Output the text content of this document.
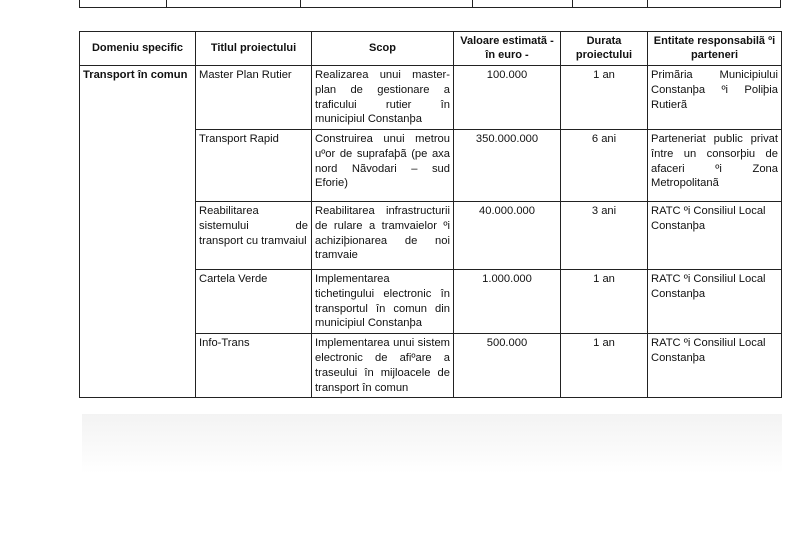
Domeniu specific	Titlul proiectului	Scop	Valoare estimatã - în euro -	Durata proiectului	Entitate responsabilã ºi parteneri
Transport în comun	Master Plan Rutier	Realizarea unui master-plan de gestionare a traficului rutier în municipiul Constanþa	100.000	1 an	Primãria Municipiului Constanþa ºi Poliþia Rutierã
	Transport Rapid	Construirea unui metrou uºor de suprafaþã (pe axa nord Nãvodari – sud Eforie)	350.000.000	6 ani	Parteneriat public privat între un consorþiu de afaceri ºi Zona Metropolitanã
	Reabilitarea sistemului de transport cu tramvaiul	Reabilitarea infrastructurii de rulare a tramvaielor ºi achiziþionarea de noi tramvaie	40.000.000	3 ani	RATC ºi Consiliul Local Constanþa
	Cartela Verde	Implementarea tichetingului electronic în transportul în comun din municipiul Constanþa	1.000.000	1 an	RATC ºi Consiliul Local Constanþa
	Info-Trans	Implementarea unui sistem electronic de afiºare a traseului în mijloacele de transport în comun	500.000	1 an	RATC ºi Consiliul Local Constanþa
